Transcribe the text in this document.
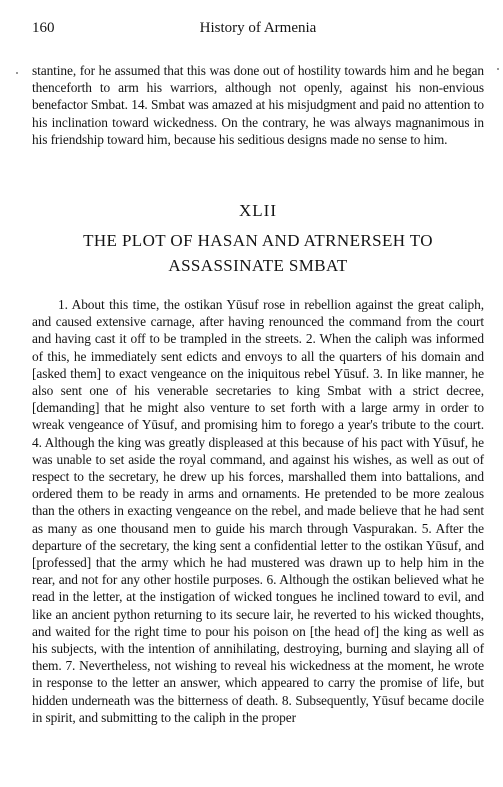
160	History of Armenia

stantine, for he assumed that this was done out of hostility towards him and he began thenceforth to arm his warriors, although not openly, against his non-envious benefactor Smbat. 14. Smbat was amazed at his misjudgment and paid no attention to his inclination toward wickedness. On the contrary, he was always magnanimous in his friendship toward him, because his seditious designs made no sense to him.

XLII
THE PLOT OF HASAN AND ATRNERSEH TO
ASSASSINATE SMBAT

1. About this time, the ostikan Yūsuf rose in rebellion against the great caliph, and caused extensive carnage, after having renounced the command from the court and having cast it off to be trampled in the streets. 2. When the caliph was informed of this, he immediately sent edicts and envoys to all the quarters of his domain and [asked them] to exact vengeance on the iniquitous rebel Yūsuf. 3. In like manner, he also sent one of his venerable secretaries to king Smbat with a strict decree, [demanding] that he might also venture to set forth with a large army in order to wreak vengeance of Yūsuf, and promising him to forego a year's tribute to the court. 4. Although the king was greatly displeased at this because of his pact with Yūsuf, he was unable to set aside the royal command, and against his wishes, as well as out of respect to the secretary, he drew up his forces, marshalled them into battalions, and ordered them to be ready in arms and ornaments. He pretended to be more zealous than the others in exacting vengeance on the rebel, and made believe that he had sent as many as one thousand men to guide his march through Vaspurakan. 5. After the departure of the secretary, the king sent a confidential letter to the ostikan Yūsuf, and [professed] that the army which he had mustered was drawn up to help him in the rear, and not for any other hostile purposes. 6. Although the ostikan believed what he read in the letter, at the instigation of wicked tongues he inclined toward to evil, and like an ancient python returning to its secure lair, he reverted to his wicked thoughts, and waited for the right time to pour his poison on [the head of] the king as well as his subjects, with the intention of annihilating, destroying, burning and slaying all of them. 7. Nevertheless, not wishing to reveal his wickedness at the moment, he wrote in response to the letter an answer, which appeared to carry the promise of life, but hidden underneath was the bitterness of death. 8. Subsequently, Yūsuf became docile in spirit, and submitting to the caliph in the proper
